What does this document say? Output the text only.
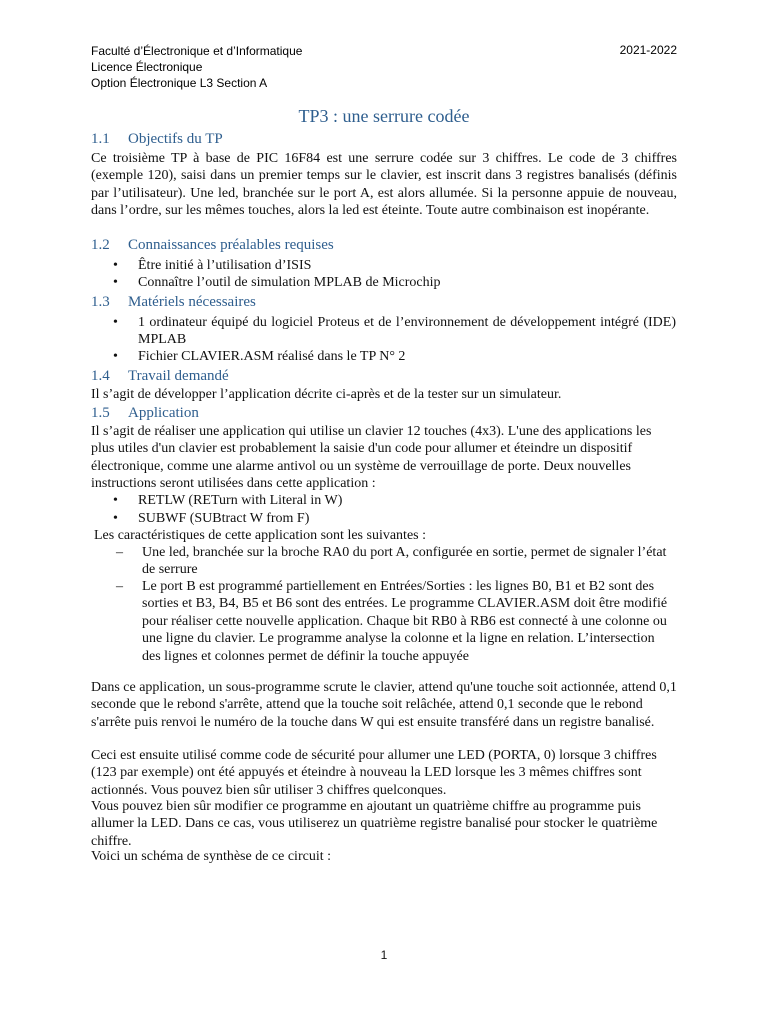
Faculté d’Électronique et d’Informatique
Licence Électronique
Option Électronique L3 Section A
2021-2022
TP3 : une serrure codée
1.1 Objectifs du TP
Ce troisième TP à base de PIC 16F84 est une serrure codée sur 3 chiffres. Le code de 3 chiffres (exemple 120), saisi dans un premier temps sur le clavier, est inscrit dans 3 registres banalisés (définis par l’utilisateur). Une led, branchée sur le port A, est alors allumée. Si la personne appuie de nouveau, dans l’ordre, sur les mêmes touches, alors la led est éteinte. Toute autre combinaison est inopérante.
1.2 Connaissances préalables requises
• Être initié à l’utilisation d’ISIS
• Connaître l’outil de simulation MPLAB de Microchip
1.3 Matériels nécessaires
• 1 ordinateur équipé du logiciel Proteus et de l’environnement de développement intégré (IDE) MPLAB
• Fichier CLAVIER.ASM réalisé dans le TP N° 2
1.4 Travail demandé
Il s’agit de développer l’application décrite ci-après et de la tester sur un simulateur.
1.5 Application
Il s’agit de réaliser une application qui utilise un clavier 12 touches (4x3). L'une des applications les plus utiles d'un clavier est probablement la saisie d'un code pour allumer et éteindre un dispositif électronique, comme une alarme antivol ou un système de verrouillage de porte. Deux nouvelles instructions seront utilisées dans cette application :
• RETLW (RETurn with Literal in W)
• SUBWF (SUBtract W from F)
Les caractéristiques de cette application sont les suivantes :
– Une led, branchée sur la broche RA0 du port A, configurée en sortie, permet de signaler l’état de serrure
– Le port B est programmé partiellement en Entrées/Sorties : les lignes B0, B1 et B2 sont des sorties et B3, B4, B5 et B6 sont des entrées. Le programme CLAVIER.ASM doit être modifié pour réaliser cette nouvelle application. Chaque bit RB0 à RB6 est connecté à une colonne ou une ligne du clavier. Le programme analyse la colonne et la ligne en relation. L’intersection des lignes et colonnes permet de définir la touche appuyée
Dans ce application, un sous-programme scrute le clavier, attend qu'une touche soit actionnée, attend 0,1 seconde que le rebond s'arrête, attend que la touche soit relâchée, attend 0,1 seconde que le rebond s'arrête puis renvoi le numéro de la touche dans W qui est ensuite transféré dans un registre banalisé.
Ceci est ensuite utilisé comme code de sécurité pour allumer une LED (PORTA, 0) lorsque 3 chiffres (123 par exemple) ont été appuyés et éteindre à nouveau la LED lorsque les 3 mêmes chiffres sont actionnés. Vous pouvez bien sûr utiliser 3 chiffres quelconques.
Vous pouvez bien sûr modifier ce programme en ajoutant un quatrième chiffre au programme puis allumer la LED. Dans ce cas, vous utiliserez un quatrième registre banalisé pour stocker le quatrième chiffre.
Voici un schéma de synthèse de ce circuit :
1
